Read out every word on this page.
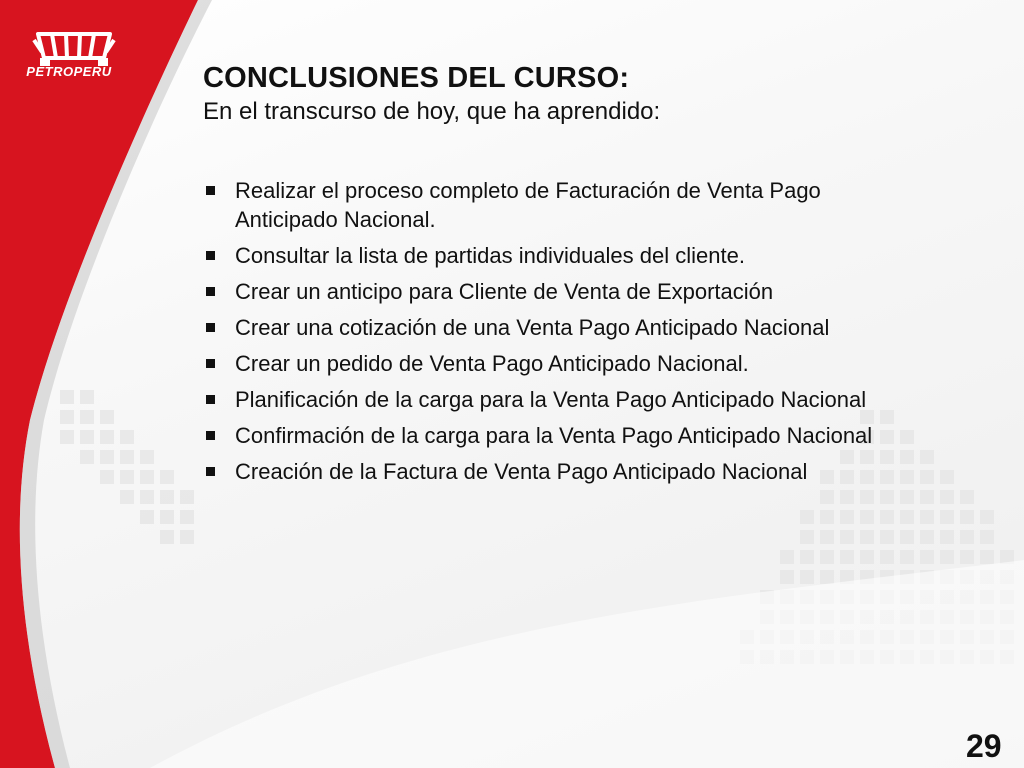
PETROPERU	CONCLUSIONES DEL CURSO:

En el transcurso de hoy, que ha aprendido:

Realizar el proceso completo de Facturación de Venta Pago Anticipado Nacional.
Consultar la lista de partidas individuales del cliente.
Crear un anticipo para Cliente de Venta de Exportación
Crear una cotización de una Venta Pago Anticipado Nacional
Crear un pedido de Venta Pago Anticipado Nacional.
Planificación de la carga para la Venta Pago Anticipado Nacional
Confirmación de la carga para la Venta Pago Anticipado Nacional
Creación de la Factura de Venta Pago Anticipado Nacional
29
